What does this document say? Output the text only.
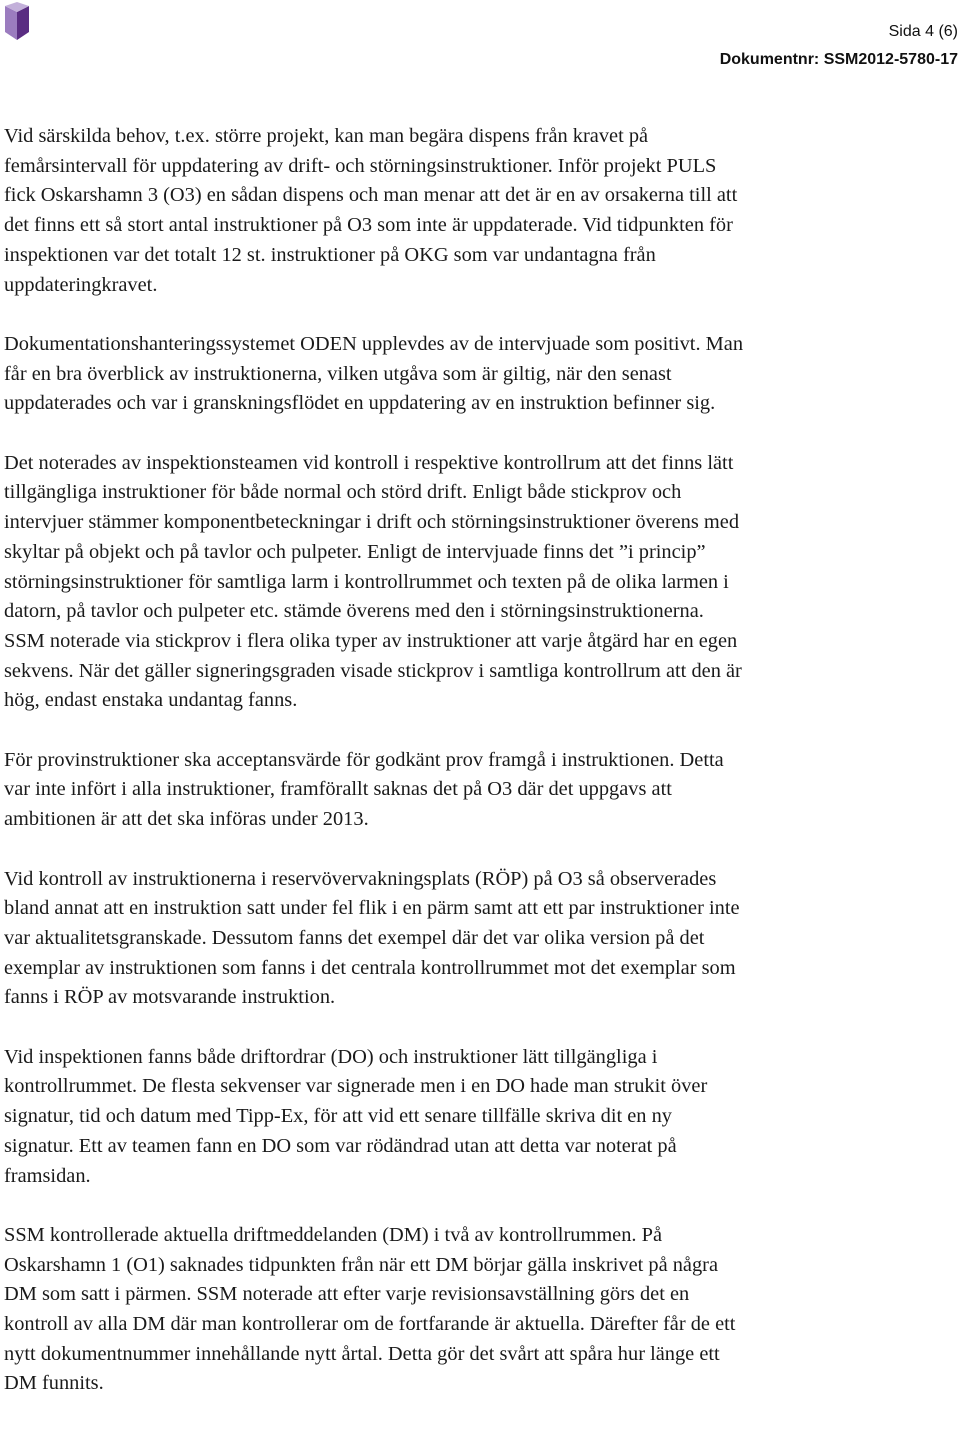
Sida 4 (6)
Dokumentnr: SSM2012-5780-17

Vid särskilda behov, t.ex. större projekt, kan man begära dispens från kravet på
femårsintervall för uppdatering av drift- och störningsinstruktioner. Inför projekt PULS
fick Oskarshamn 3 (O3) en sådan dispens och man menar att det är en av orsakerna till att
det finns ett så stort antal instruktioner på O3 som inte är uppdaterade. Vid tidpunkten för
inspektionen var det totalt 12 st. instruktioner på OKG som var undantagna från
uppdateringkravet.

Dokumentationshanteringssystemet ODEN upplevdes av de intervjuade som positivt. Man
får en bra överblick av instruktionerna, vilken utgåva som är giltig, när den senast
uppdaterades och var i granskningsflödet en uppdatering av en instruktion befinner sig.

Det noterades av inspektionsteamen vid kontroll i respektive kontrollrum att det finns lätt
tillgängliga instruktioner för både normal och störd drift. Enligt både stickprov och
intervjuer stämmer komponentbeteckningar i drift och störningsinstruktioner överens med
skyltar på objekt och på tavlor och pulpeter. Enligt de intervjuade finns det ”i princip”
störningsinstruktioner för samtliga larm i kontrollrummet och texten på de olika larmen i
datorn, på tavlor och pulpeter etc. stämde överens med den i störningsinstruktionerna.
SSM noterade via stickprov i flera olika typer av instruktioner att varje åtgärd har en egen
sekvens. När det gäller signeringsgraden visade stickprov i samtliga kontrollrum att den är
hög, endast enstaka undantag fanns.

För provinstruktioner ska acceptansvärde för godkänt prov framgå i instruktionen. Detta
var inte infört i alla instruktioner, framförallt saknas det på O3 där det uppgavs att
ambitionen är att det ska införas under 2013.

Vid kontroll av instruktionerna i reservövervakningsplats (RÖP) på O3 så observerades
bland annat att en instruktion satt under fel flik i en pärm samt att ett par instruktioner inte
var aktualitetsgranskade. Dessutom fanns det exempel där det var olika version på det
exemplar av instruktionen som fanns i det centrala kontrollrummet mot det exemplar som
fanns i RÖP av motsvarande instruktion.

Vid inspektionen fanns både driftordrar (DO) och instruktioner lätt tillgängliga i
kontrollrummet. De flesta sekvenser var signerade men i en DO hade man strukit över
signatur, tid och datum med Tipp-Ex, för att vid ett senare tillfälle skriva dit en ny
signatur. Ett av teamen fann en DO som var rödändrad utan att detta var noterat på
framsidan.

SSM kontrollerade aktuella driftmeddelanden (DM) i två av kontrollrummen. På
Oskarshamn 1 (O1) saknades tidpunkten från när ett DM börjar gälla inskrivet på några
DM som satt i pärmen. SSM noterade att efter varje revisionsavställning görs det en
kontroll av alla DM där man kontrollerar om de fortfarande är aktuella. Därefter får de ett
nytt dokumentnummer innehållande nytt årtal. Detta gör det svårt att spåra hur länge ett
DM funnits.
